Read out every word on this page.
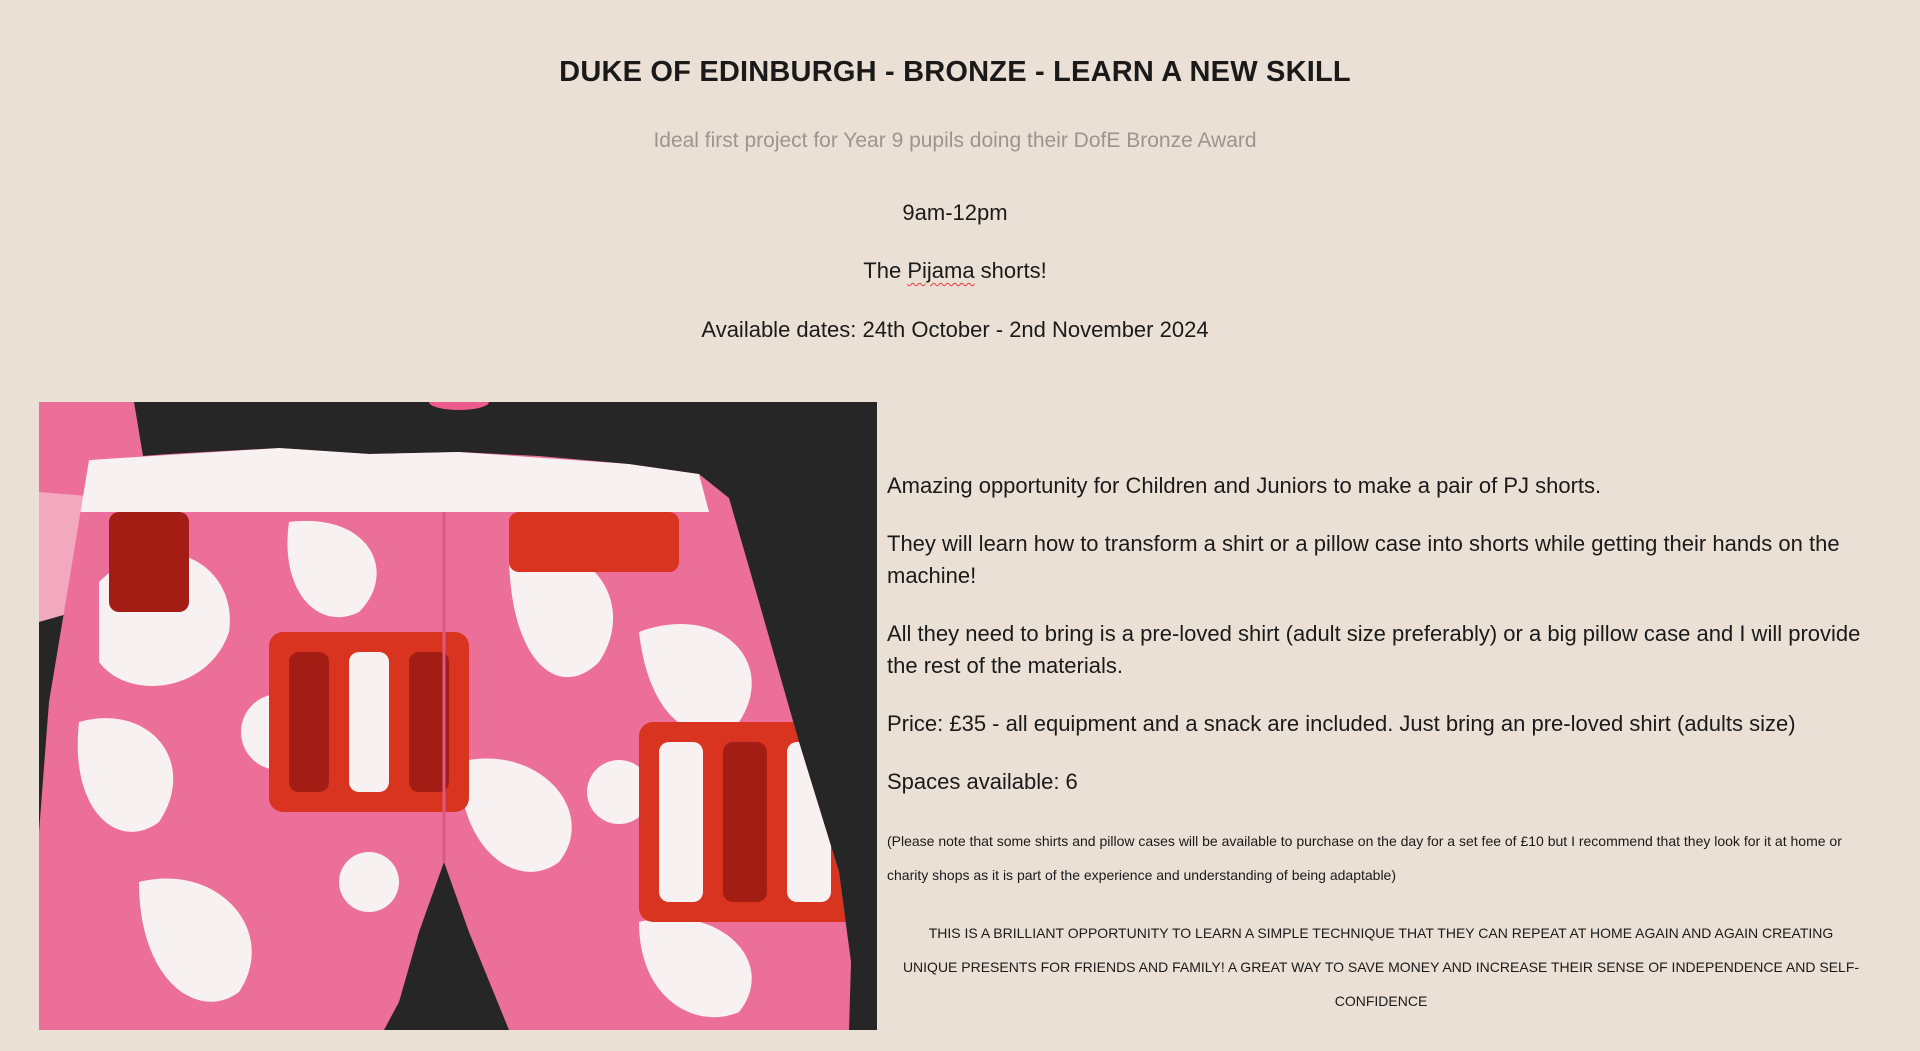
DUKE OF EDINBURGH - BRONZE - LEARN A NEW SKILL
Ideal first project for Year 9 pupils doing their DofE Bronze Award
9am-12pm
The Pijama shorts!
Available dates: 24th October - 2nd November 2024

Amazing opportunity for Children and Juniors to make a pair of PJ shorts.

They will learn how to transform a shirt or a pillow case into shorts while getting their hands on the machine!

All they need to bring is a pre-loved shirt (adult size preferably) or a big pillow case and I will provide the rest of the materials.

Price: £35 - all equipment and a snack are included. Just bring an pre-loved shirt (adults size)

Spaces available: 6

(Please note that some shirts and pillow cases will be available to purchase on the day for a set fee of £10 but I recommend that they look for it at home or charity shops as it is part of the experience and understanding of being adaptable)

THIS IS A BRILLIANT OPPORTUNITY TO LEARN A SIMPLE TECHNIQUE THAT THEY CAN REPEAT AT HOME AGAIN AND AGAIN CREATING UNIQUE PRESENTS FOR FRIENDS AND FAMILY! A GREAT WAY TO SAVE MONEY AND INCREASE THEIR SENSE OF INDEPENDENCE AND SELF-CONFIDENCE
